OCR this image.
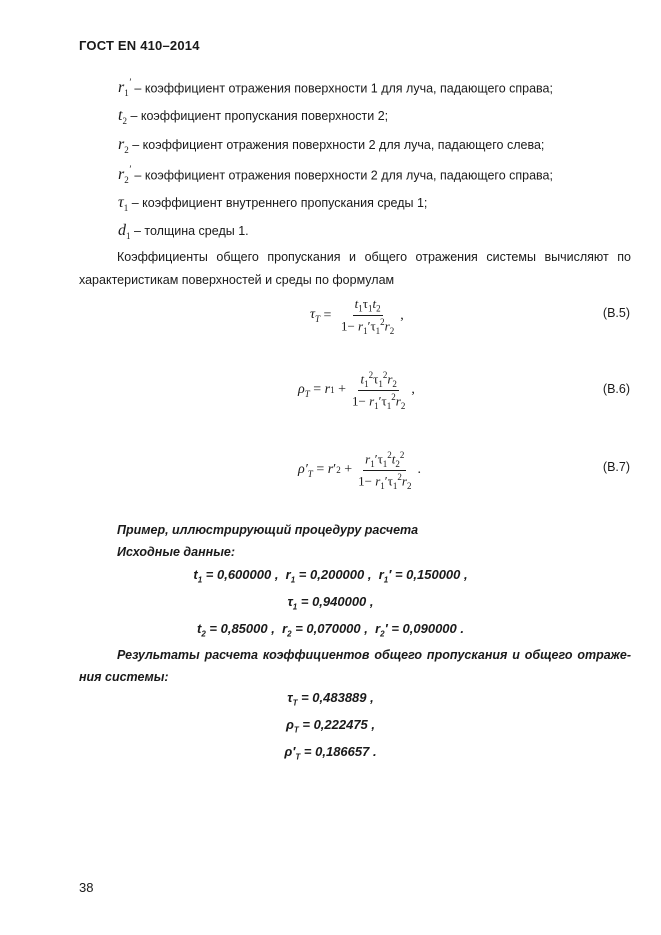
ГОСТ EN 410–2014
$r_1'$ – коэффициент отражения поверхности 1 для луча, падающего справа;
$t_2$ – коэффициент пропускания поверхности 2;
$r_2$ – коэффициент отражения поверхности 2 для луча, падающего слева;
$r_2'$ – коэффициент отражения поверхности 2 для луча, падающего справа;
$\tau_1$ – коэффициент внутреннего пропускания среды 1;
$d_1$ – толщина среды 1.
Коэффициенты общего пропускания и общего отражения системы вычисляют по характеристикам поверхностей и среды по формулам
$\tau_T = \frac{t_1\tau_1t_2}{1- r_1'\tau_1^2r_2}$ ,	(В.5)
$\rho_T = r$ $1 + \frac{t_1^2\tau_1^2r_2}{1- r_1'\tau_1^2r_2}$ ,	(В.6)
$\rho'_T = r$ ′ $2 + \frac{r_1'\tau_1^2t_2^2}{1- r_1'\tau_1^2r_2}$ .	(В.7)
Пример, иллюстрирующий процедуру расчета
Исходные данные:
$t_1 = 0,600000$ ,  $r_1 = 0,200000$ ,  $r_1' = 0,150000$ ,
$\tau_1 = 0,940000$ ,
$t_2 = 0,85000$ ,  $r_2 = 0,070000$ ,  $r_2' = 0,090000$ .
Результаты расчета коэффициентов общего пропускания и общего отраже-ния системы:
$\tau_T = 0,483889$ ,
$\rho_T = 0,222475$ ,
$\rho'_T = 0,186657$ .
38
